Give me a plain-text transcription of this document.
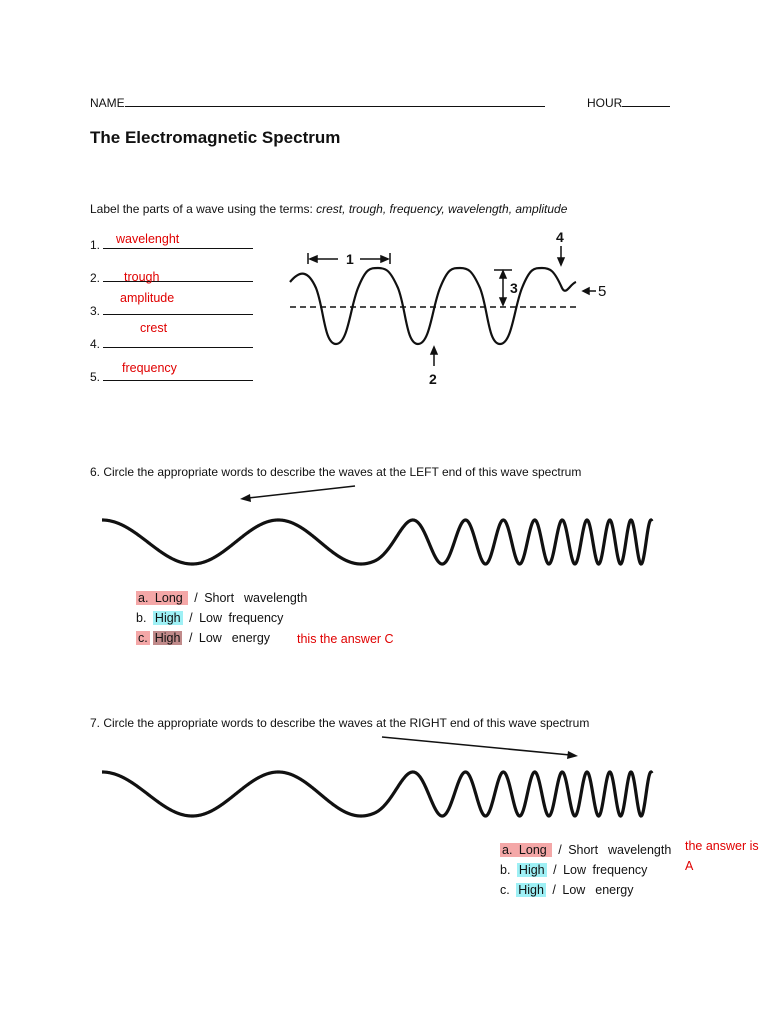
NAME	HOUR
The Electromagnetic Spectrum
Label the parts of a wave using the terms: crest, trough, frequency, wavelength, amplitude
1.
2.
3.
4.
5.
wavelenght
trough
amplitude
crest
frequency
1
2
3
4
5
6. Circle the appropriate words to describe the waves at the LEFT end of this wave spectrum
a. Long / Short wavelength
b. High / Low frequency
c. High / Low energy this the answer C
7. Circle the appropriate words to describe the waves at the RIGHT end of this wave spectrum
a. Long / Short wavelength
b. High / Low frequency
c. High / Low energy
the answer is
A
